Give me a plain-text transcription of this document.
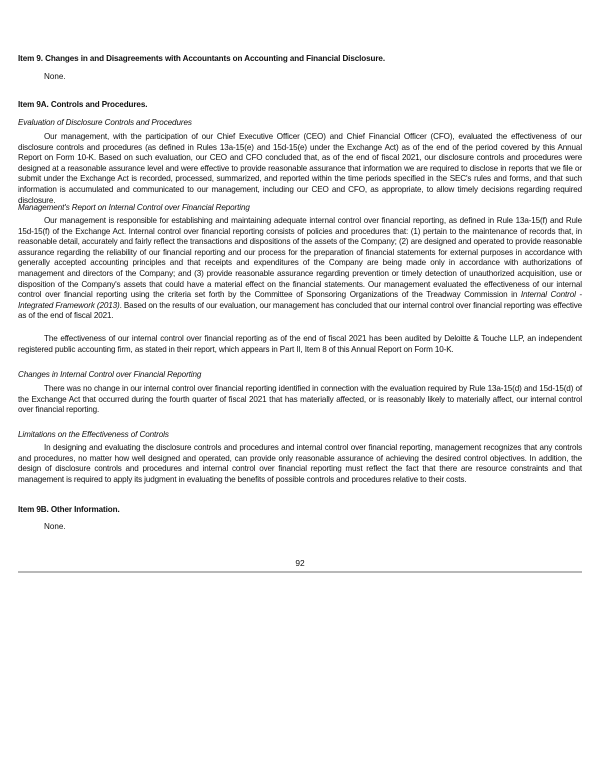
Item 9. Changes in and Disagreements with Accountants on Accounting and Financial Disclosure.
None.
Item 9A. Controls and Procedures.
Evaluation of Disclosure Controls and Procedures
Our management, with the participation of our Chief Executive Officer (CEO) and Chief Financial Officer (CFO), evaluated the effectiveness of our disclosure controls and procedures (as defined in Rules 13a-15(e) and 15d-15(e) under the Exchange Act) as of the end of the period covered by this Annual Report on Form 10-K. Based on such evaluation, our CEO and CFO concluded that, as of the end of fiscal 2021, our disclosure controls and procedures were designed at a reasonable assurance level and were effective to provide reasonable assurance that information we are required to disclose in reports that we file or submit under the Exchange Act is recorded, processed, summarized, and reported within the time periods specified in the SEC's rules and forms, and that such information is accumulated and communicated to our management, including our CEO and CFO, as appropriate, to allow timely decisions regarding required disclosure.
Management's Report on Internal Control over Financial Reporting
Our management is responsible for establishing and maintaining adequate internal control over financial reporting, as defined in Rule 13a-15(f) and Rule 15d-15(f) of the Exchange Act. Internal control over financial reporting consists of policies and procedures that: (1) pertain to the maintenance of records that, in reasonable detail, accurately and fairly reflect the transactions and dispositions of the assets of the Company; (2) are designed and operated to provide reasonable assurance regarding the reliability of our financial reporting and our process for the preparation of financial statements for external purposes in accordance with generally accepted accounting principles and that receipts and expenditures of the Company are being made only in accordance with authorizations of management and directors of the Company; and (3) provide reasonable assurance regarding prevention or timely detection of unauthorized acquisition, use or disposition of the Company's assets that could have a material effect on the financial statements. Our management evaluated the effectiveness of our internal control over financial reporting using the criteria set forth by the Committee of Sponsoring Organizations of the Treadway Commission in Internal Control - Integrated Framework (2013). Based on the results of our evaluation, our management has concluded that our internal control over financial reporting was effective as of the end of fiscal 2021.
The effectiveness of our internal control over financial reporting as of the end of fiscal 2021 has been audited by Deloitte & Touche LLP, an independent registered public accounting firm, as stated in their report, which appears in Part II, Item 8 of this Annual Report on Form 10-K.
Changes in Internal Control over Financial Reporting
There was no change in our internal control over financial reporting identified in connection with the evaluation required by Rule 13a-15(d) and 15d-15(d) of the Exchange Act that occurred during the fourth quarter of fiscal 2021 that has materially affected, or is reasonably likely to materially affect, our internal control over financial reporting.
Limitations on the Effectiveness of Controls
In designing and evaluating the disclosure controls and procedures and internal control over financial reporting, management recognizes that any controls and procedures, no matter how well designed and operated, can provide only reasonable assurance of achieving the desired control objectives. In addition, the design of disclosure controls and procedures and internal control over financial reporting must reflect the fact that there are resource constraints and that management is required to apply its judgment in evaluating the benefits of possible controls and procedures relative to their costs.
Item 9B. Other Information.
None.
92
